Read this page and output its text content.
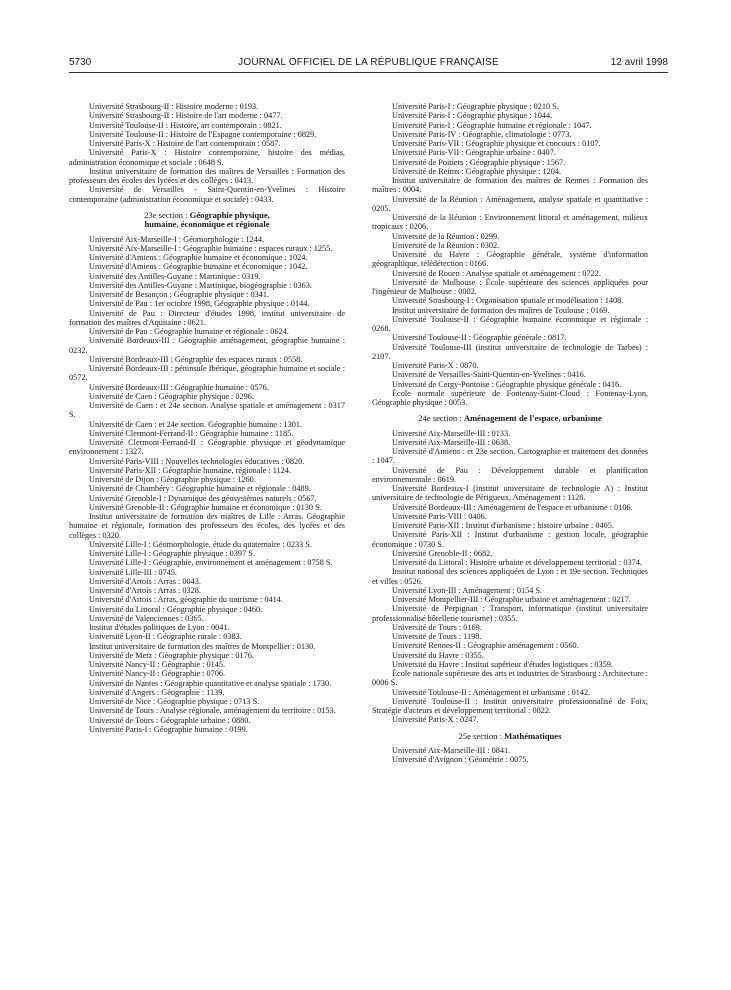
5730	JOURNAL OFFICIEL DE LA RÉPUBLIQUE FRANÇAISE	12 avril 1998

Université Strasbourg-II : Histoire moderne : 0193.

Université Strasbourg-II : Histoire de l'art moderne : 0477.

Université Toulouse-II : Histoire, art contemporain : 0821.

Université Toulouse-II : Histoire de l'Espagne contemporaine : 0829.

Université Paris-X : Histoire de l'art contemporain : 0587.

Université Paris-X : Histoire contemporaine, histoire des médias, administration économique et sociale : 0648 S.

Institut universitaire de formation des maîtres de Versailles : Formation des professeurs des écoles des lycées et des collèges : 0413.

Université de Versailles - Saint-Quentin-en-Yvelines : Histoire contemporaine (administration économique et sociale) : 0433.

23e section : Géographie physique,
humaine, économique et régionale

Université Aix-Marseille-I : Géomorphologie : 1244.

Université Aix-Marseille-I : Géographie humaine : espaces ruraux : 1255.

Université d'Amiens : Géographie humaine et économique : 1024.

Université d'Amiens : Géographie humaine et économique : 1042.

Université des Antilles-Guyane : Martinique : 0319.

Université des Antilles-Guyane : Martinique, biogéographie : 0363.

Université de Besançon : Géographie physique : 0341.

Université de Pau : 1er octobre 1998, Géographie physique : 0144.

Université de Pau : Directeur d'études 1998, institut universitaire de formation des maîtres d'Aquitaine : 0621.

Université de Pau : Géographie humaine et régionale : 0624.

Université Bordeaux-III : Géographie aménagement, géographie humaine : 0232.

Université Bordeaux-III : Géographie des espaces ruraux : 0558.

Université Bordeaux-III : péninsule Ibérique, géographie humaine et sociale : 0572.

Université Bordeaux-III : Géographie humaine : 0576.

Université de Caen : Géographie physique : 0296.

Université de Caen : et 24e section. Analyse spatiale et aménagement : 0317 S.

Université de Caen : et 24e section. Géographie humaine : 1301.

Université Clermont-Ferrand-II : Géographie humaine : 1185.

Université Clermont-Ferrand-II : Géographie physique et géodynamique environnement : 1327.

Université Paris-VIII : Nouvelles technologies éducatives : 0820.

Université Paris-XII : Géographie humaine, régionale : 1124.

Université de Dijon : Géographie physique : 1260.

Université de Chambéry : Géographie humaine et régionale : 0489.

Université Grenoble-I : Dynamique des géosystèmes naturels : 0567.

Université Grenoble-II : Géographie humaine et économique : 0130 S.

Institut universitaire de formation des maîtres de Lille : Arras. Géographie humaine et régionale, formation des professeurs des écoles, des lycées et des collèges : 0320.

Université Lille-I : Géomorphologie, étude du quaternaire : 0233 S.

Université Lille-I : Géographie physique : 0397 S.

Université Lille-I : Géographie, environnement et aménagement : 0758 S.

Université Lille-III : 0745.

Université d'Artois : Arras : 0043.

Université d'Artois : Arras : 0328.

Université d'Artois : Arras, géographie du tourisme : 0414.

Université du Littoral : Géographie physique : 0460.

Université de Valenciennes : 0365.

Institut d'études politiques de Lyon : 0041.

Université Lyon-II : Géographie rurale : 0383.

Institut universitaire de formation des maîtres de Montpellier : 0130.

Université de Metz : Géographie physique : 0176.

Université Nancy-II : Géographie : 0145.

Université Nancy-II : Géographie : 0706.

Université de Nantes : Géographie quantitative et analyse spatiale : 1730.

Université d'Angers : Géographie : 1139.

Université de Nice : Géographie physique : 0713 S.

Université de Tours : Analyse régionale, aménagement du territoire : 0153.

Université de Tours : Géographie urbaine : 0880.

Université Paris-I : Géographie humaine : 0199.

Université Paris-I : Géographie physique : 0210 S.

Université Paris-I : Géographie physique : 1044.

Université Paris-I : Géographie humaine et régionale : 1047.

Université Paris-IV : Géographie, climatologie : 0773.

Université Paris-VII : Géographie physique et concours : 0107.

Université Paris-VII : Géographie urbaine : 0407.

Université de Poitiers : Géographie physique : 1567.

Université de Reims : Géographie physique : 1204.

Institut universitaire de formation des maîtres de Rennes : Formation des maîtres : 0004.

Université de la Réunion : Aménagement, analyse spatiale et quantitative : 0205.

Université de la Réunion : Environnement littoral et aménagement, milieux tropicaux : 0206.

Université de la Réunion : 0299.

Université de la Réunion : 0302.

Université du Havre : Géographie générale, système d'information géographique, télédétection : 0166.

Université de Rouen : Analyse spatiale et aménagement : 0722.

Université de Mulhouse : École supérieure des sciences appliquées pour l'ingénieur de Mulhouse : 0002.

Université Strasbourg-I : Organisation spatiale et modélisation : 1408.

Institut universitaire de formation des maîtres de Toulouse : 0169.

Université Toulouse-II : Géographie humaine économique et régionale : 0268.

Université Toulouse-II : Géographie générale : 0817.

Université Toulouse-III (institut universitaire de technologie de Tarbes) : 2107.

Université Paris-X : 0870.

Université de Versailles-Saint-Quentin-en-Yvelines : 0416.

Université de Cergy-Pontoise : Géographie physique générale : 0416.

École normale supérieure de Fontenay-Saint-Cloud : Fontenay-Lyon, Géographie physique : 0053.

24e section : Aménagement de l'espace, urbanisme

Université Aix-Marseille-III : 0133.

Université Aix-Marseille-III : 0638.

Université d'Amiens : et 23e section. Cartographie et traitement des données : 1047.

Université de Pau : Développement durable et planification environnementale : 0619.

Université Bordeaux-I (institut universitaire de technologie A) : Institut universitaire de technologie de Périgueux, Aménagement : 1128.

Université Bordeaux-III : Aménagement de l'espace et urbanisme : 0106.

Université Paris-VIII : 0406.

Université Paris-XII : Institut d'urbanisme : histoire urbaine : 0405.

Université Paris-XII : Institut d'urbanisme : gestion locale, géographie économique : 0730 S.

Université Grenoble-II : 0682.

Université du Littoral : Histoire urbaine et développement territorial : 0374.

Institut national des sciences appliquées de Lyon : et 19e section. Techniques et villes : 0526.

Université Lyon-III : Aménagement : 0154 S.

Université Montpellier-III : Géographie urbaine et aménagement : 0217.

Université de Perpignan : Transport, informatique (institut universitaire professionnalisé hôtellerie tourisme) : 0355.

Université de Tours : 0169.

Université de Tours : 1198.

Université Rennes-II : Géographie aménagement : 0560.

Université du Havre : 0355.

Université du Havre : Institut supérieur d'études logistiques : 0359.

École nationale supérieure des arts et industries de Strasbourg : Architecture : 0006 S.

Université Toulouse-II : Aménagement et urbanisme : 0142.

Université Toulouse-II : Institut universitaire professionnalisé de Foix, Stratégie d'acteurs et développement territorial : 0822.

Université Paris-X : 0247.

25e section : Mathématiques

Université Aix-Marseille-III : 0841.

Université d'Avignon : Géométrie : 0075.
